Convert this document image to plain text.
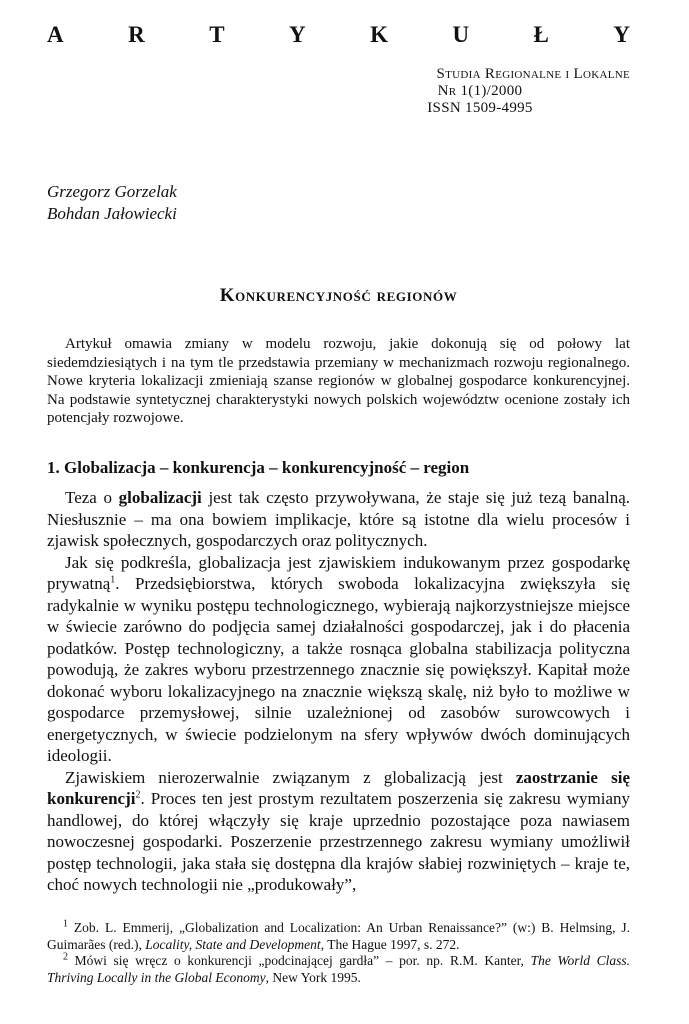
A	R	T	Y	K	U	Ł	Y
Studia Regionalne i Lokalne
Nr 1(1)/2000
ISSN 1509-4995
Grzegorz Gorzelak
Bohdan Jałowiecki
Konkurencyjność regionów

Artykuł omawia zmiany w modelu rozwoju, jakie dokonują się od połowy lat siedemdziesiątych i na tym tle przedstawia przemiany w mechanizmach rozwoju regionalnego. Nowe kryteria lokalizacji zmieniają szanse regionów w globalnej gospodarce konkurencyjnej. Na podstawie syntetycznej charakterystyki nowych polskich województw ocenione zostały ich potencjały rozwojowe.

1. Globalizacja – konkurencja – konkurencyjność – region

Teza o globalizacji jest tak często przywoływana, że staje się już tezą banalną. Niesłusznie – ma ona bowiem implikacje, które są istotne dla wielu procesów i zjawisk społecznych, gospodarczych oraz politycznych.

Jak się podkreśla, globalizacja jest zjawiskiem indukowanym przez gospodarkę prywatną$^1$. Przedsiębiorstwa, których swoboda lokalizacyjna zwiększyła się radykalnie w wyniku postępu technologicznego, wybierają najkorzystniejsze miejsce w świecie zarówno do podjęcia samej działalności gospodarczej, jak i do płacenia podatków. Postęp technologiczny, a także rosnąca globalna stabilizacja polityczna powodują, że zakres wyboru przestrzennego znacznie się powiększył. Kapitał może dokonać wyboru lokalizacyjnego na znacznie większą skalę, niż było to możliwe w gospodarce przemysłowej, silnie uzależnionej od zasobów surowcowych i energetycznych, w świecie podzielonym na sfery wpływów dwóch dominujących ideologii.

Zjawiskiem nierozerwalnie związanym z globalizacją jest zaostrzanie się konkurencji$^2$. Proces ten jest prostym rezultatem poszerzenia się zakresu wymiany handlowej, do której włączyły się kraje uprzednio pozostające poza nawiasem nowoczesnej gospodarki. Poszerzenie przestrzennego zakresu wymiany umożliwił postęp technologii, jaka stała się dostępna dla krajów słabiej rozwiniętych – kraje te, choć nowych technologii nie „produkowały”,

$^1$ Zob. L. Emmerij, „Globalization and Localization: An Urban Renaissance?” (w:) B. Helmsing, J. Guimarães (red.), Locality, State and Development, The Hague 1997, s. 272.

$^2$ Mówi się wręcz o konkurencji „podcinającej gardła” – por. np. R.M. Kanter, The World Class. Thriving Locally in the Global Economy, New York 1995.
